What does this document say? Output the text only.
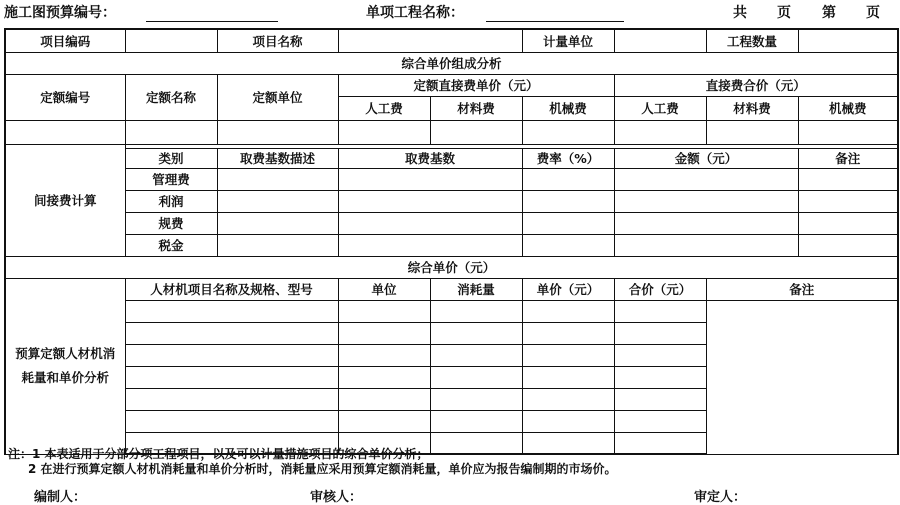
施工图预算编号：	单项工程名称：	共 页 第 页
项目编码		项目名称			计量单位		工程数量	
综合单价组成分析								
定额编号	定额名称	定额单位	定额直接费单价（元）			直接费合价（元）		
			人工费	材料费	机械费	人工费	材料费	机械费

间接费计算								
	类别	取费基数描述	取费基数		费率（%）	金额（元）		备注
	管理费							
	利润							
	规费							
	税金							
综合单价（元）								
预算定额人材机消耗量和单价分析	人材机项目名称及规格、型号		单位	消耗量	单价（元）	合价（元）	备注	

注：1 本表适用于分部分项工程项目，以及可以计量措施项目的综合单价分析；
2 在进行预算定额人材机消耗量和单价分析时，消耗量应采用预算定额消耗量，单价应为报告编制期的市场价。
编制人：	审核人：	审定人：
